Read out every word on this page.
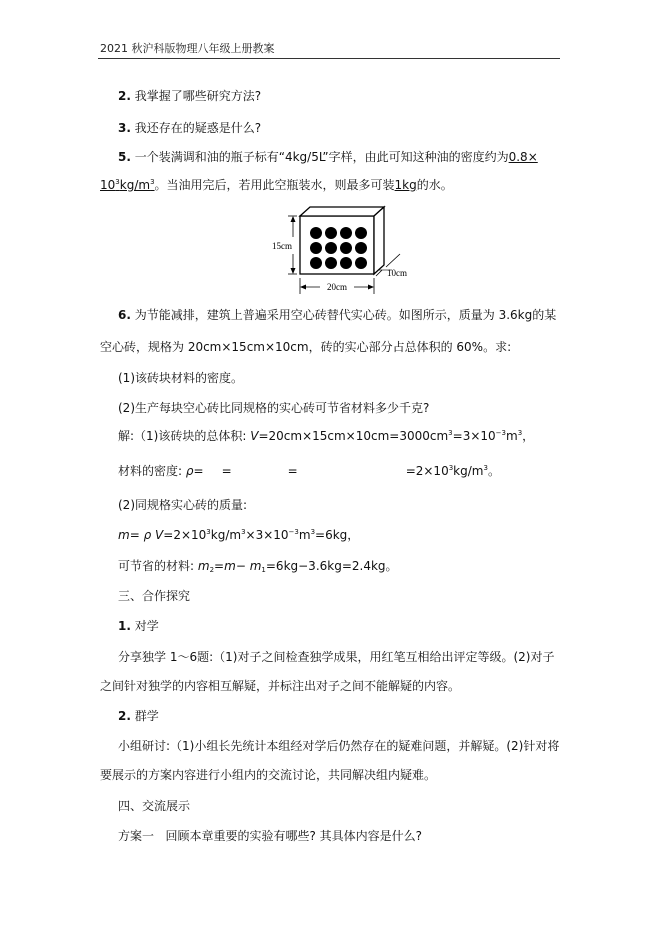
2021 秋沪科版物理八年级上册教案
2. 我掌握了哪些研究方法?
3. 我还存在的疑惑是什么?
5. 一个装满调和油的瓶子标有“4kg/5L”字样，由此可知这种油的密度约为0.8×
$10^3kg/m^3$。当油用完后，若用此空瓶装水，则最多可装1kg的水。
15cm
20cm
10cm
6. 为节能减排，建筑上普遍采用空心砖替代实心砖。如图所示，质量为 3.6kg的某
空心砖，规格为 20cm×15cm×10cm，砖的实心部分占总体积的 60%。求:
(1)该砖块材料的密度。
(2)生产每块空心砖比同规格的实心砖可节省材料多少千克?
解:（1)该砖块的总体积: $V=20cm\times 15cm\times 10cm=3000cm^3=3\times 10^{-3}m^3$，
材料的密度: ρ= =	=	$=2\times 10^3kg/m^3$。
(2)同规格实心砖的质量:
m= ρ $V=2\times 10^3kg/m^3\times 3\times 10^{-3}m^3=6kg$，
可节省的材料: $m_2=m- m_1=6kg-3.6kg=2.4kg$。
三、合作探究
1. 对学
分享独学 1～6题:（1)对子之间检查独学成果，用红笔互相给出评定等级。(2)对子
之间针对独学的内容相互解疑，并标注出对子之间不能解疑的内容。
2. 群学
小组研讨:（1)小组长先统计本组经对学后仍然存在的疑难问题，并解疑。(2)针对将
要展示的方案内容进行小组内的交流讨论，共同解决组内疑难。
四、交流展示
方案一 回顾本章重要的实验有哪些? 其具体内容是什么?
